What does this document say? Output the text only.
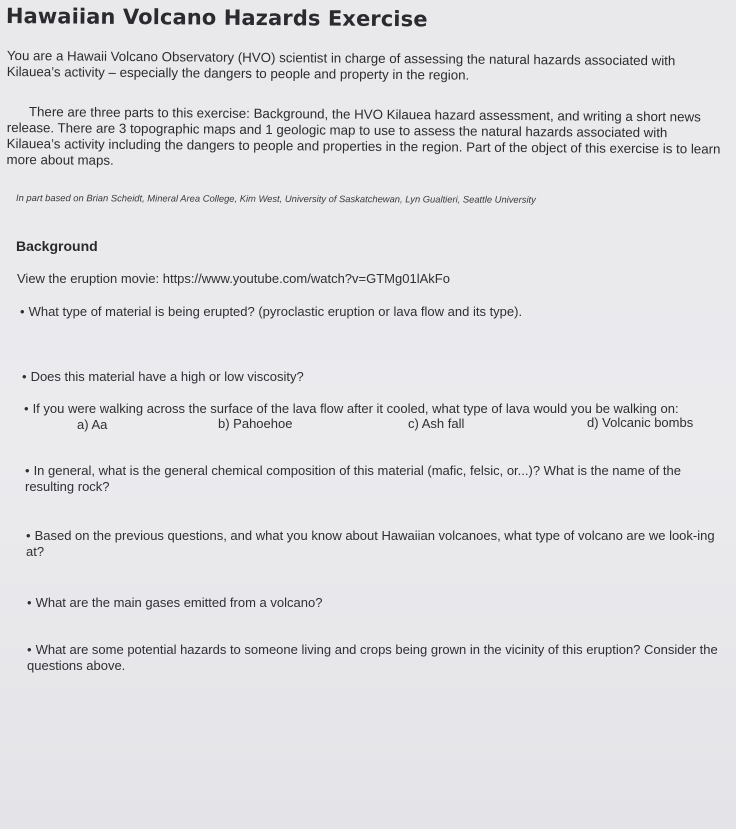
Hawaiian Volcano Hazards Exercise
You are a Hawaii Volcano Observatory (HVO) scientist in charge of assessing the natural hazards associated with Kilauea’s activity – especially the dangers to people and property in the region.
There are three parts to this exercise: Background, the HVO Kilauea hazard assessment, and writing a short news release. There are 3 topographic maps and 1 geologic map to use to assess the natural hazards associated with Kilauea’s activity including the dangers to people and properties in the region. Part of the object of this exercise is to learn more about maps.
In part based on Brian Scheidt, Mineral Area College, Kim West, University of Saskatchewan, Lyn Gualtieri, Seattle University
Background
View the eruption movie: https://www.youtube.com/watch?v=GTMg01lAkFo
• What type of material is being erupted? (pyroclastic eruption or lava flow and its type).
• Does this material have a high or low viscosity?
• If you were walking across the surface of the lava flow after it cooled, what type of lava would you be walking on:
a) Aa	b) Pahoehoe	c) Ash fall	d) Volcanic bombs
• In general, what is the general chemical composition of this material (mafic, felsic, or...)? What is the name of the resulting rock?
• Based on the previous questions, and what you know about Hawaiian volcanoes, what type of volcano are we look-ing at?
• What are the main gases emitted from a volcano?
• What are some potential hazards to someone living and crops being grown in the vicinity of this eruption? Consider the questions above.
